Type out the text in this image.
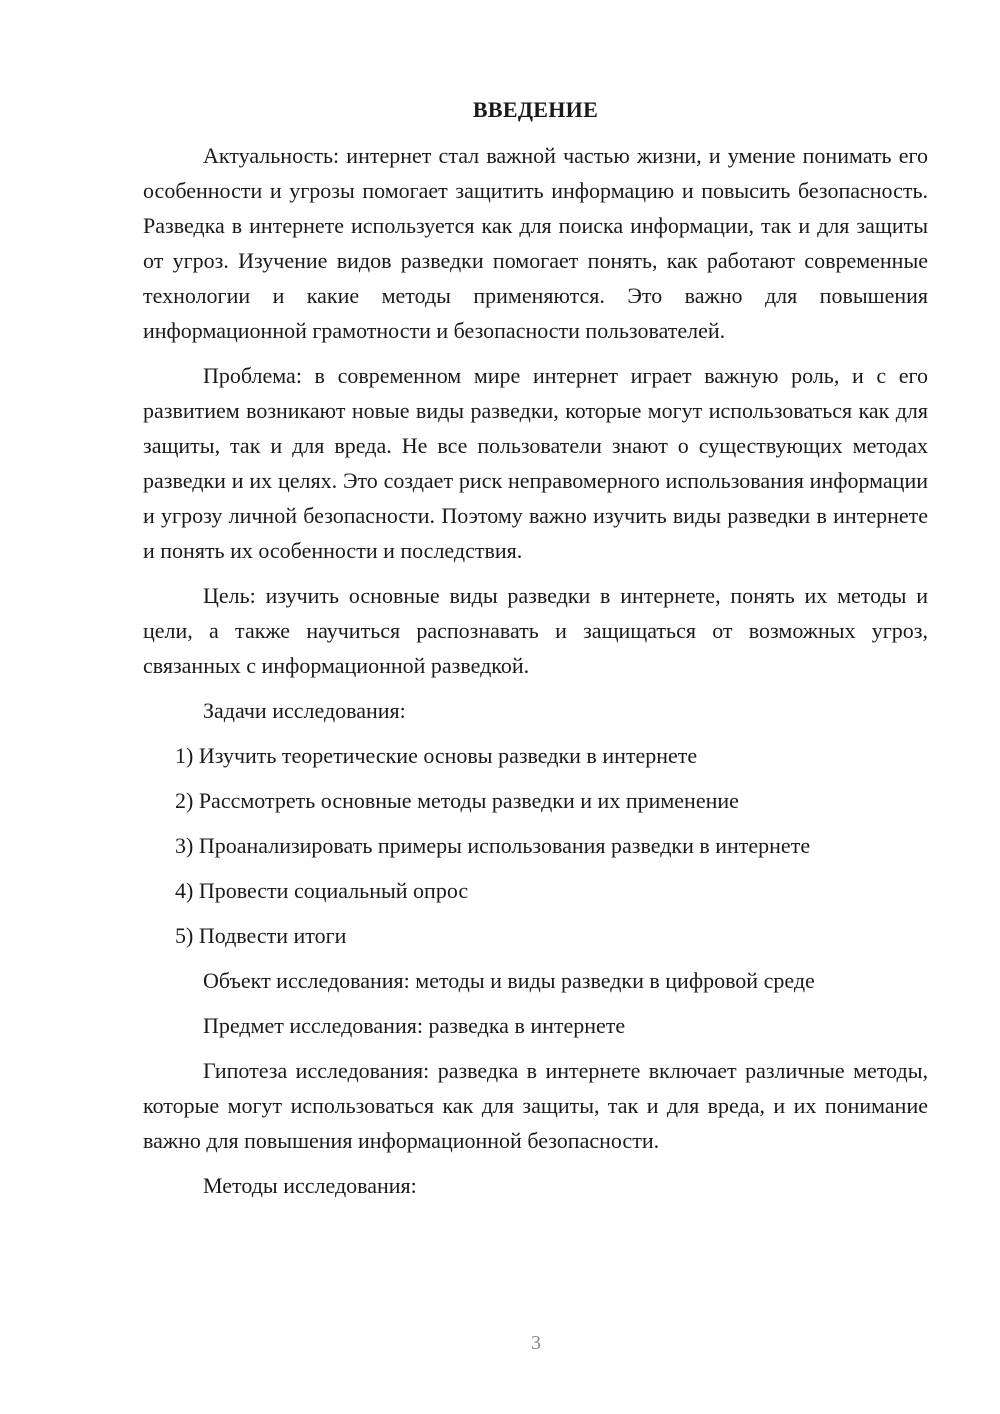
ВВЕДЕНИЕ

Актуальность: интернет стал важной частью жизни, и умение понимать его особенности и угрозы помогает защитить информацию и повысить безопасность. Разведка в интернете используется как для поиска информации, так и для защиты от угроз. Изучение видов разведки помогает понять, как работают современные технологии и какие методы применяются. Это важно для повышения информационной грамотности и безопасности пользователей.

Проблема: в современном мире интернет играет важную роль, и с его развитием возникают новые виды разведки, которые могут использоваться как для защиты, так и для вреда. Не все пользователи знают о существующих методах разведки и их целях. Это создает риск неправомерного использования информации и угрозу личной безопасности. Поэтому важно изучить виды разведки в интернете и понять их особенности и последствия.

Цель: изучить основные виды разведки в интернете, понять их методы и цели, а также научиться распознавать и защищаться от возможных угроз, связанных с информационной разведкой.

Задачи исследования:

1) Изучить теоретические основы разведки в интернете
2) Рассмотреть основные методы разведки и их применение
3) Проанализировать примеры использования разведки в интернете
4) Провести социальный опрос
5) Подвести итоги

Объект исследования: методы и виды разведки в цифровой среде

Предмет исследования: разведка в интернете

Гипотеза исследования: разведка в интернете включает различные методы, которые могут использоваться как для защиты, так и для вреда, и их понимание важно для повышения информационной безопасности.

Методы исследования:

3
